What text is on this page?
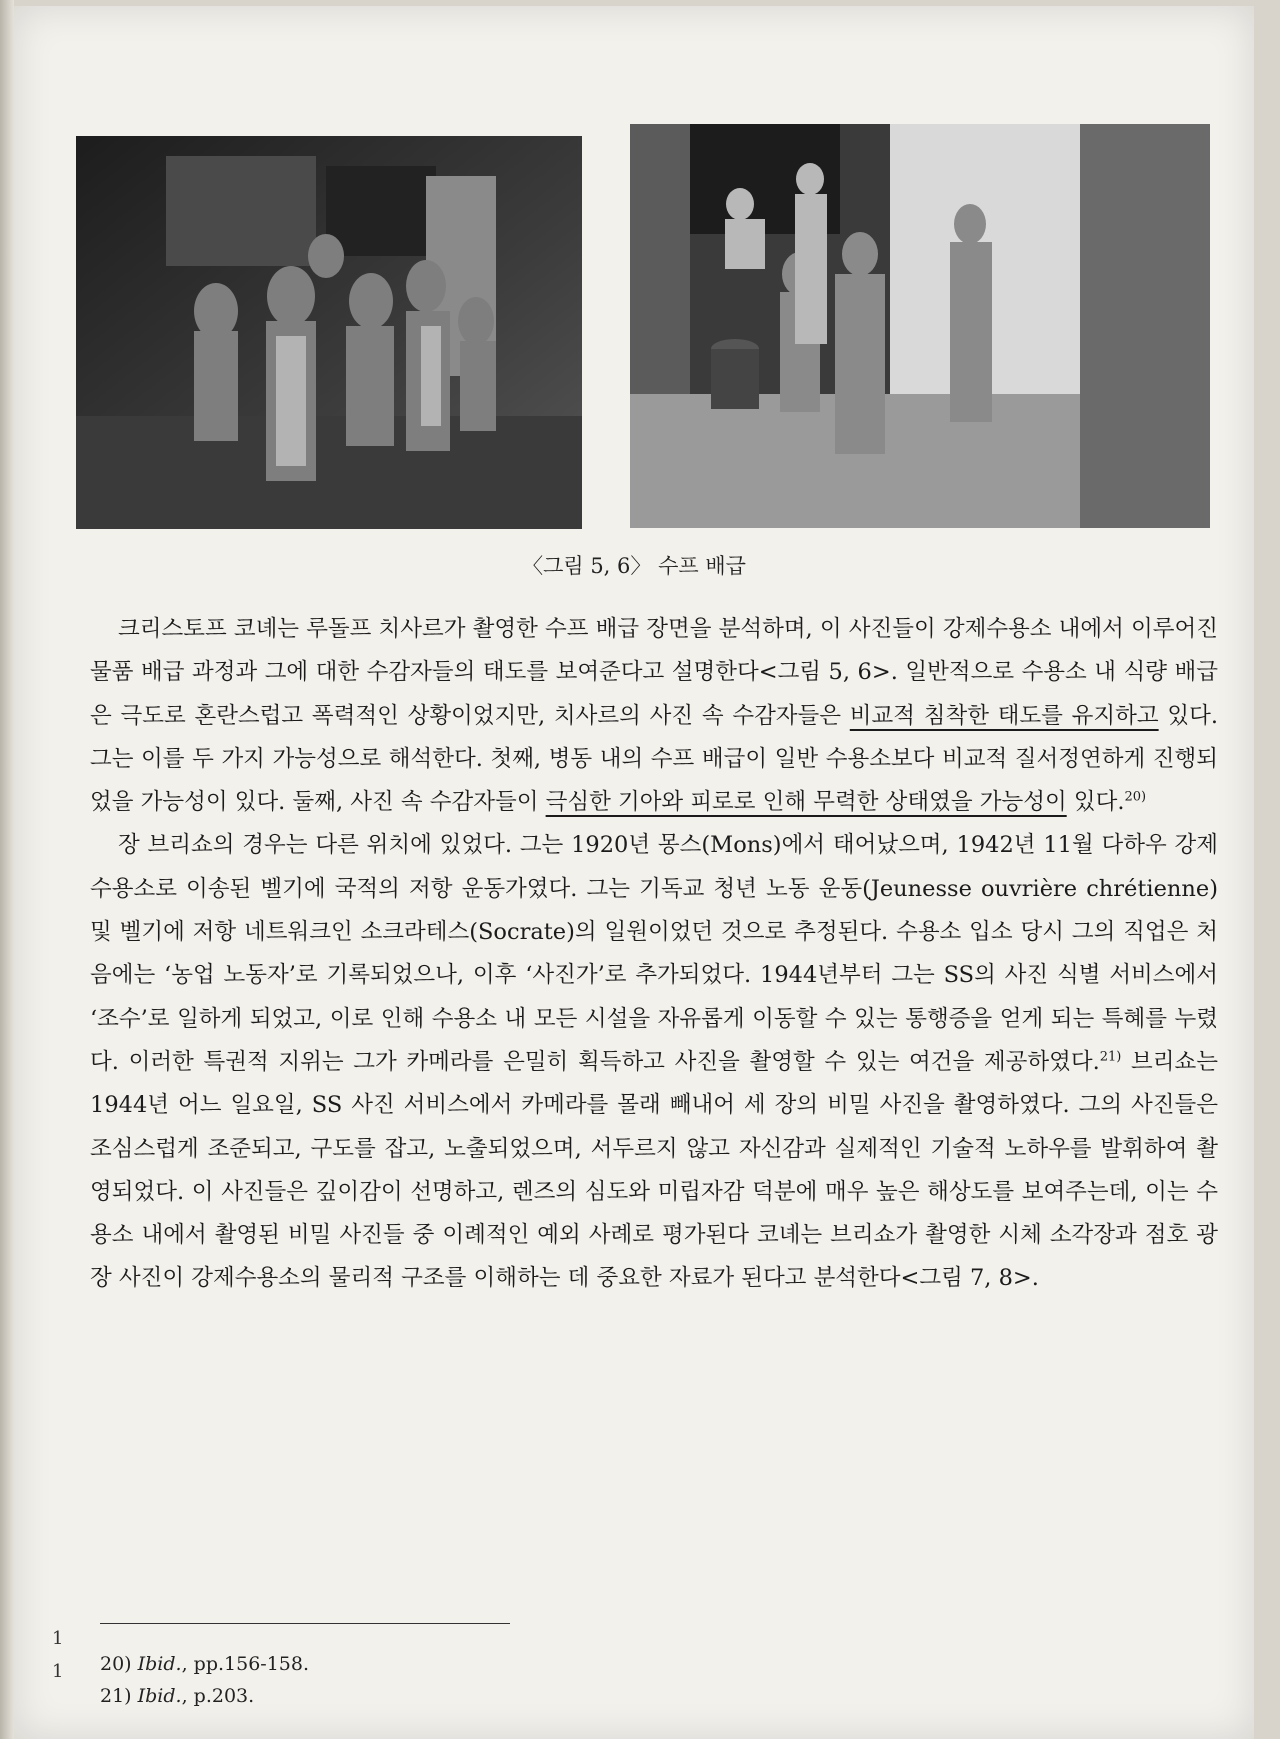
〈그림 5, 6〉 수프 배급

크리스토프 코녜는 루돌프 치사르가 촬영한 수프 배급 장면을 분석하며, 이 사진들이 강제수용소 내에서 이루어진 물품 배급 과정과 그에 대한 수감자들의 태도를 보여준다고 설명한다<그림 5, 6>. 일반적으로 수용소 내 식량 배급은 극도로 혼란스럽고 폭력적인 상황이었지만, 치사르의 사진 속 수감자들은 비교적 침착한 태도를 유지하고 있다. 그는 이를 두 가지 가능성으로 해석한다. 첫째, 병동 내의 수프 배급이 일반 수용소보다 비교적 질서정연하게 진행되었을 가능성이 있다. 둘째, 사진 속 수감자들이 극심한 기아와 피로로 인해 무력한 상태였을 가능성이 있다.$^{20)}$

장 브리쇼의 경우는 다른 위치에 있었다. 그는 1920년 몽스(Mons)에서 태어났으며, 1942년 11월 다하우 강제 수용소로 이송된 벨기에 국적의 저항 운동가였다. 그는 기독교 청년 노동 운동(Jeunesse ouvrière chrétienne) 및 벨기에 저항 네트워크인 소크라테스(Socrate)의 일원이었던 것으로 추정된다. 수용소 입소 당시 그의 직업은 처음에는 ‘농업 노동자’로 기록되었으나, 이후 ‘사진가’로 추가되었다. 1944년부터 그는 SS의 사진 식별 서비스에서 ‘조수’로 일하게 되었고, 이로 인해 수용소 내 모든 시설을 자유롭게 이동할 수 있는 통행증을 얻게 되는 특혜를 누렸다. 이러한 특권적 지위는 그가 카메라를 은밀히 획득하고 사진을 촬영할 수 있는 여건을 제공하였다.$^{21)}$ 브리쇼는 1944년 어느 일요일, SS 사진 서비스에서 카메라를 몰래 빼내어 세 장의 비밀 사진을 촬영하였다. 그의 사진들은 조심스럽게 조준되고, 구도를 잡고, 노출되었으며, 서두르지 않고 자신감과 실제적인 기술적 노하우를 발휘하여 촬영되었다. 이 사진들은 깊이감이 선명하고, 렌즈의 심도와 미립자감 덕분에 매우 높은 해상도를 보여주는데, 이는 수용소 내에서 촬영된 비밀 사진들 중 이례적인 예외 사례로 평가된다 코녜는 브리쇼가 촬영한 시체 소각장과 점호 광장 사진이 강제수용소의 물리적 구조를 이해하는 데 중요한 자료가 된다고 분석한다<그림 7, 8>.

20) Ibid., pp.156-158.
21) Ibid., p.203.
1
1
